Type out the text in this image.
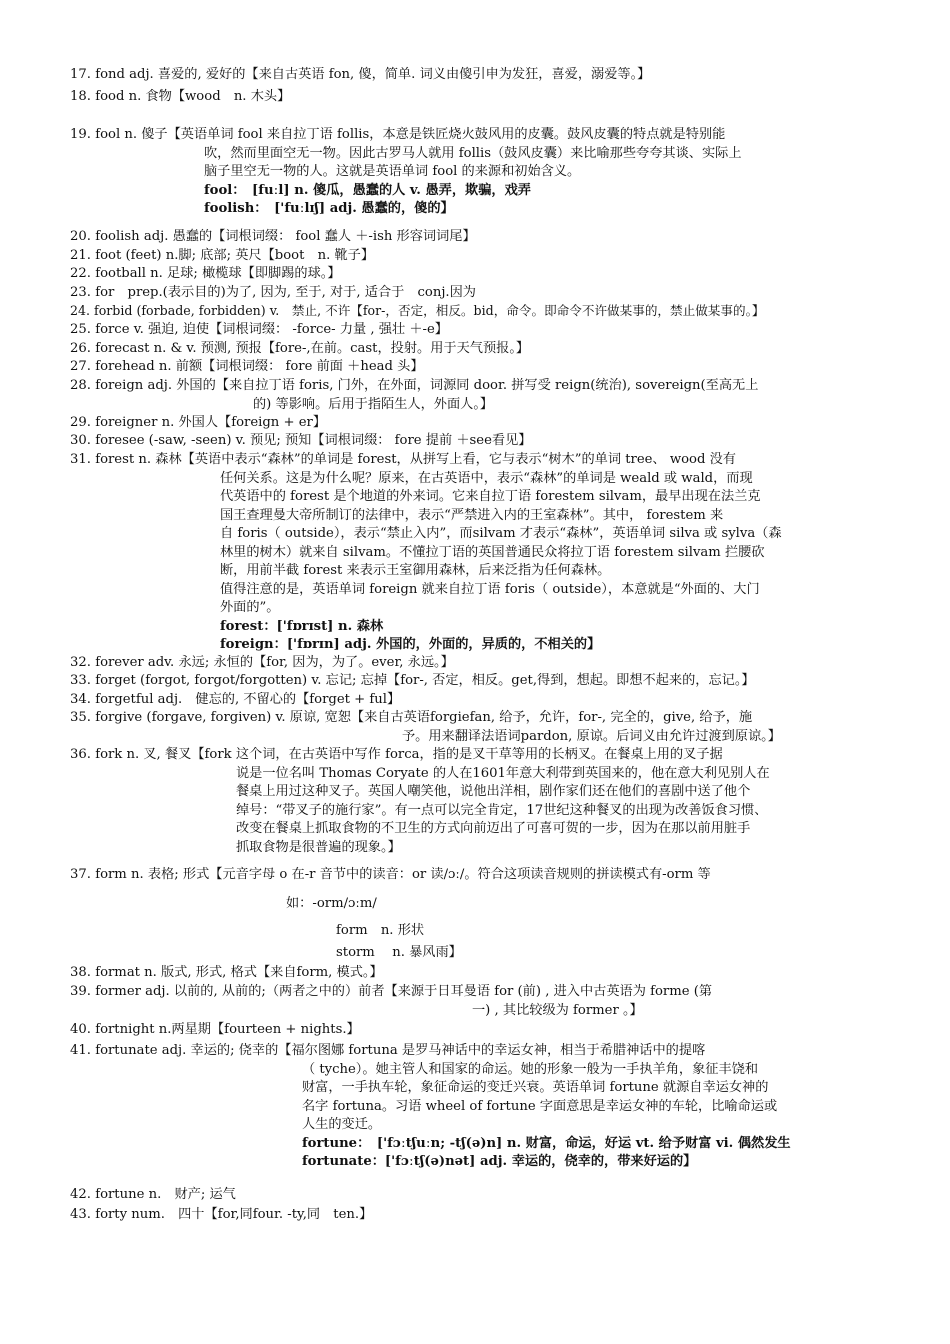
17. fond adj. 喜爱的, 爱好的【来自古英语 fon, 傻，简单. 词义由傻引申为发狂，喜爱，溺爱等。】
18. food n. 食物【wood　n. 木头】
19. fool n. 傻子【英语单词 fool 来自拉丁语 follis，本意是铁匠烧火鼓风用的皮囊。鼓风皮囊的特点就是特别能
吹，然而里面空无一物。因此古罗马人就用 follis（鼓风皮囊）来比喻那些夸夸其谈、实际上
脑子里空无一物的人。这就是英语单词 fool 的来源和初始含义。
fool：　[fuːl] n. 傻瓜，愚蠢的人 v. 愚弄，欺骗，戏弄
foolish：　['fuːlɪʃ] adj. 愚蠢的，傻的】
20. foolish adj. 愚蠢的【词根词缀： fool 蠢人 ＋-ish 形容词词尾】
21. foot (feet) n.脚; 底部; 英尺【boot　n. 靴子】
22. football n. 足球; 橄榄球【即脚踢的球。】
23. for　prep.(表示目的)为了, 因为, 至于, 对于, 适合于　conj.因为
24. forbid (forbade, forbidden) v.　禁止, 不许【for-，否定，相反。bid，命令。即命令不许做某事的，禁止做某事的。】
25. force v. 强迫, 迫使【词根词缀： -force- 力量 , 强壮 ＋-e】
26. forecast n. & v. 预测, 预报【fore-,在前。cast，投射。用于天气预报。】
27. forehead n. 前额【词根词缀： fore 前面 ＋head 头】
28. foreign adj. 外国的【来自拉丁语 foris, 门外，在外面，词源同 door. 拼写受 reign(统治), sovereign(至高无上
的) 等影响。后用于指陌生人，外面人。】
29. foreigner n. 外国人【foreign + er】
30. foresee (-saw, -seen) v. 预见; 预知【词根词缀： fore 提前 ＋see看见】
31. forest n. 森林【英语中表示“森林”的单词是 forest，从拼写上看，它与表示“树木”的单词 tree、 wood 没有
任何关系。这是为什么呢？原来，在古英语中，表示“森林”的单词是 weald 或 wald，而现
代英语中的 forest 是个地道的外来词。它来自拉丁语 forestem silvam，最早出现在法兰克
国王查理曼大帝所制订的法律中，表示“严禁进入内的王室森林”。其中， forestem 来
自 foris（ outside），表示“禁止入内”，而silvam 才表示“森林”，英语单词 silva 或 sylva（森
林里的树木）就来自 silvam。不懂拉丁语的英国普通民众将拉丁语 forestem silvam 拦腰砍
断，用前半截 forest 来表示王室御用森林，后来泛指为任何森林。
值得注意的是，英语单词 foreign 就来自拉丁语 foris（ outside），本意就是“外面的、大门
外面的”。
forest：['fɒrɪst] n. 森林
foreign：['fɒrɪn] adj. 外国的，外面的，异质的，不相关的】
32. forever adv. 永远; 永恒的【for, 因为，为了。ever, 永远。】
33. forget (forgot, forgot/forgotten) v. 忘记; 忘掉【for-, 否定，相反。get,得到，想起。即想不起来的，忘记。】
34. forgetful adj.　健忘的, 不留心的【forget + ful】
35. forgive (forgave, forgiven) v. 原谅, 宽恕【来自古英语forgiefan, 给予，允许，for-, 完全的，give, 给予，施
予。用来翻译法语词pardon, 原谅。后词义由允许过渡到原谅。】
36. fork n. 叉, 餐叉【fork 这个词，在古英语中写作 forca，指的是叉干草等用的长柄叉。在餐桌上用的叉子据
说是一位名叫 Thomas Coryate 的人在1601年意大利带到英国来的，他在意大利见别人在
餐桌上用过这种叉子。英国人嘲笑他，说他出洋相，剧作家们还在他们的喜剧中送了他个
绰号：“带叉子的施行家”。有一点可以完全肯定，17世纪这种餐叉的出现为改善饭食习惯、
改变在餐桌上抓取食物的不卫生的方式向前迈出了可喜可贺的一步，因为在那以前用脏手
抓取食物是很普遍的现象。】
37. form n. 表格; 形式【元音字母 o 在-r 音节中的读音：or 读/ɔː/。符合这项读音规则的拼读模式有-orm 等
如：-orm/ɔːm/
form　n. 形状
storm　 n. 暴风雨】
38. format n. 版式, 形式, 格式【来自form, 模式。】
39. former adj. 以前的, 从前的;（两者之中的）前者【来源于日耳曼语 for (前) , 进入中古英语为 forme (第
一) , 其比较级为 former 。】
40. fortnight n.两星期【fourteen + nights.】
41. fortunate adj. 幸运的; 侥幸的【福尔图娜 fortuna 是罗马神话中的幸运女神，相当于希腊神话中的提喀
（ tyche）。她主管人和国家的命运。她的形象一般为一手执羊角，象征丰饶和
财富，一手执车轮，象征命运的变迁兴衰。英语单词 fortune 就源自幸运女神的
名字 fortuna。习语 wheel of fortune 字面意思是幸运女神的车轮，比喻命运或
人生的变迁。
fortune：　['fɔːtʃuːn; -tʃ(ə)n] n. 财富，命运，好运 vt. 给予财富 vi. 偶然发生
fortunate：['fɔːtʃ(ə)nət] adj. 幸运的，侥幸的，带来好运的】
42. fortune n.　财产; 运气
43. forty num.　四十【for,同four. -ty,同　ten.】
